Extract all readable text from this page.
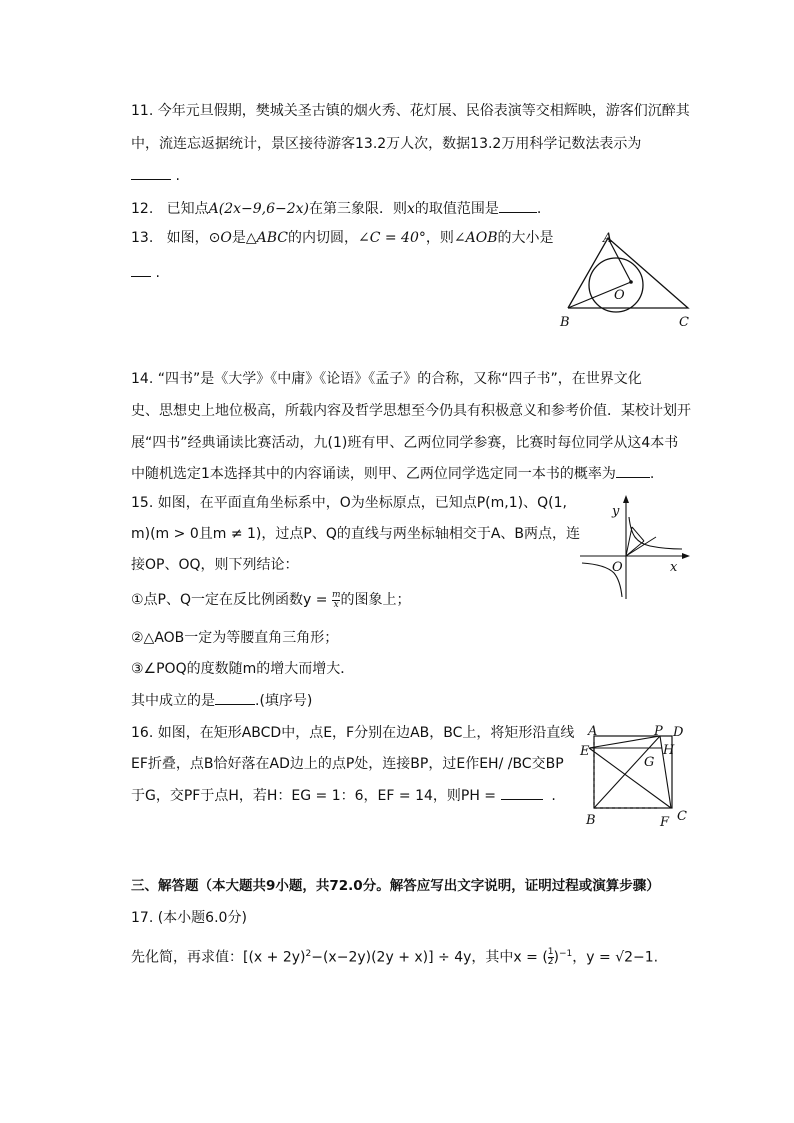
11. 今年元旦假期，樊城关圣古镇的烟火秀、花灯展、民俗表演等交相辉映，游客们沉醉其
中，流连忘返据统计，景区接待游客13.2万人次，数据13.2万用科学记数法表示为
.
12. 已知点A(2x−9,6−2x)在第三象限．则x的取值范围是	.
13. 如图，⊙O是△ABC的内切圆，∠C = 40°，则∠AOB的大小是
.
A
B	C
O
14. “四书”是《大学》《中庸》《论语》《孟子》的合称，又称“四子书”，在世界文化
史、思想史上地位极高，所载内容及哲学思想至今仍具有积极意义和参考价值．某校计划开
展“四书”经典诵读比赛活动，九(1)班有甲、乙两位同学参赛，比赛时每位同学从这4本书
中随机选定1本选择其中的内容诵读，则甲、乙两位同学选定同一本书的概率为 .
15. 如图，在平面直角坐标系中，O为坐标原点，已知点P(m,1)、Q(1,
m)(m > 0且m ≠ 1)，过点P、Q的直线与两坐标轴相交于A、B两点，连
接OP、OQ，则下列结论：
①点P、Q一定在反比例函数$y = \frac{m}{x}$ 的图象上；
②△AOB一定为等腰直角三角形；
③∠POQ的度数随m的增大而增大．
其中成立的是	.(填序号)
y
x
O
16. 如图，在矩形ABCD中，点E，F分别在边AB，BC上，将矩形沿直线
EF折叠，点B恰好落在AD边上的点P处，连接BP，过E作EH/ /BC交BP
于G，交PF于点H，若H：EG = 1：6，EF = 14，则PH =	.
A	P D
E	H
G
B	F C
三、解答题（本大题共9小题，共72.0分。解答应写出文字说明，证明过程或演算步骤）
17. (本小题6.0分)
先化简，再求值：$[(x + 2y)^2-(x-2y)(2y + x)] \div 4y$，其中x = ( $\frac{1}{2} )^{-1}$，y = √2−1.
